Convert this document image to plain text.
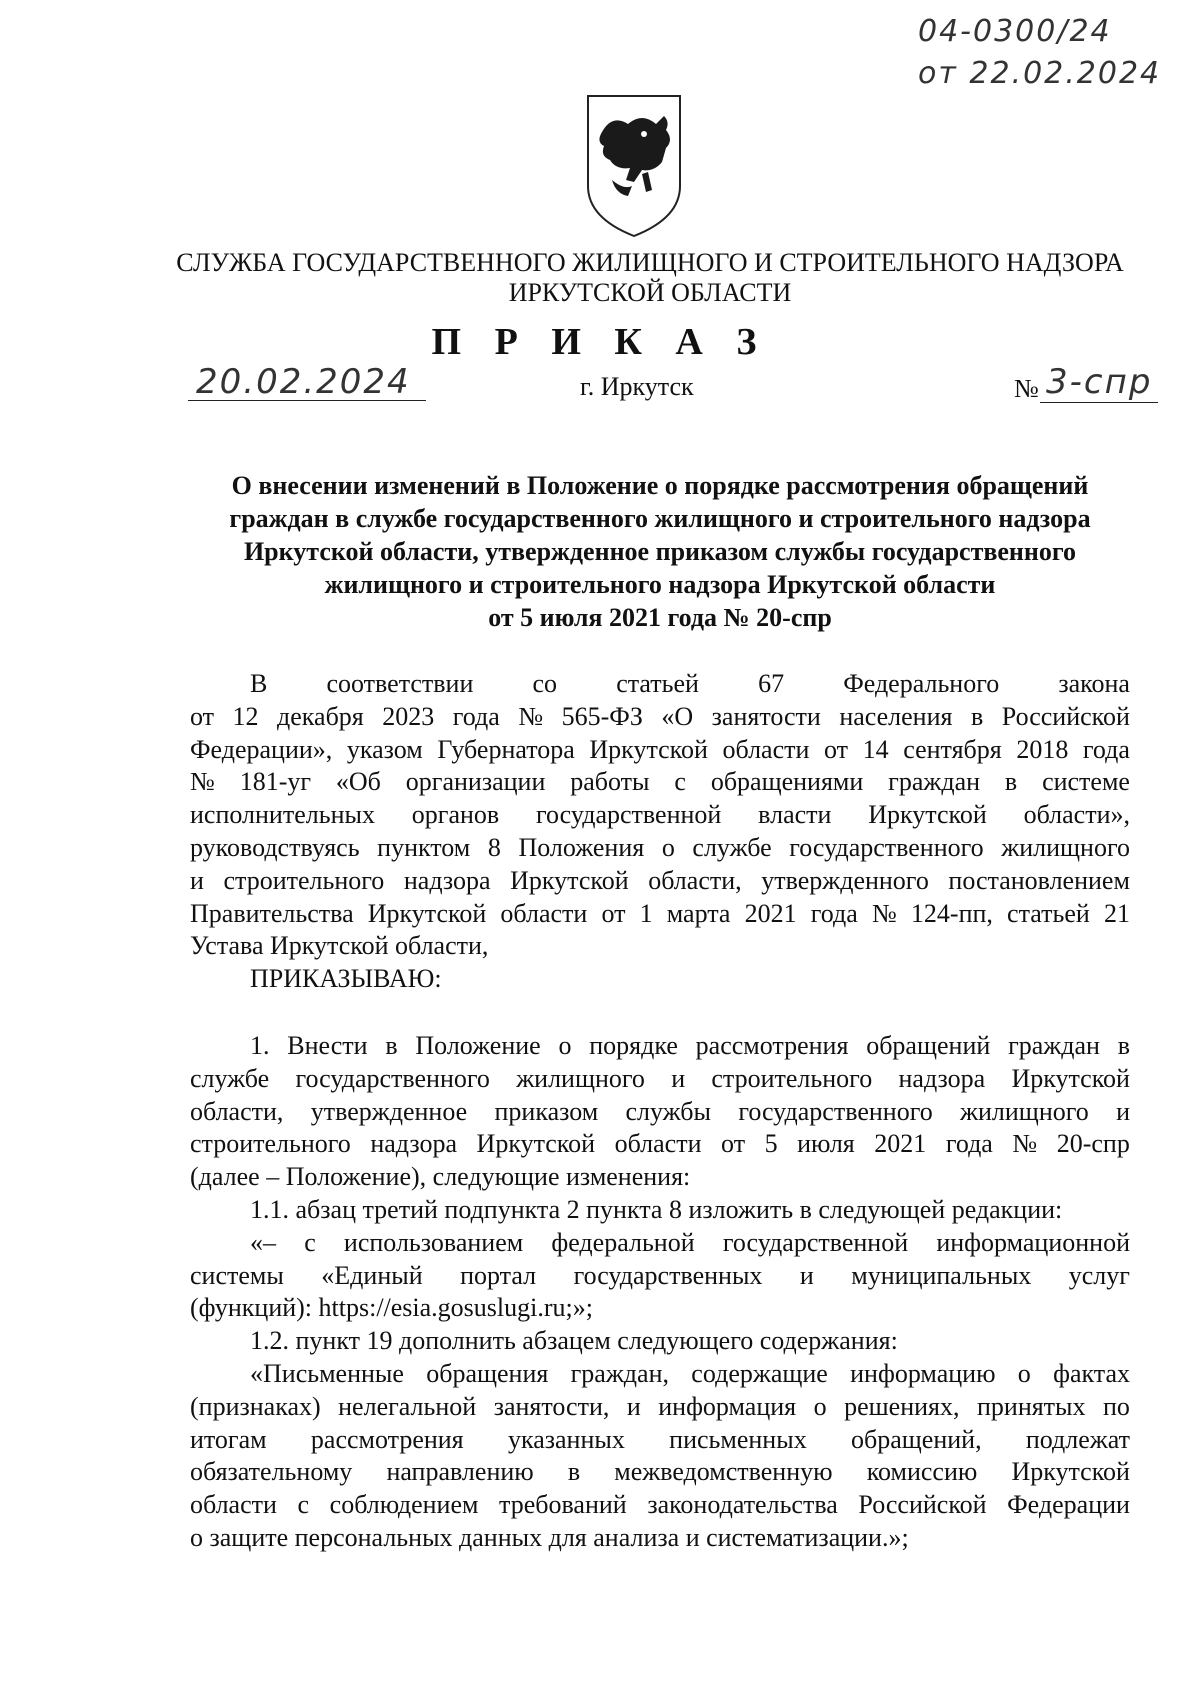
04-0300/24
от 22.02.2024
СЛУЖБА ГОСУДАРСТВЕННОГО ЖИЛИЩНОГО И СТРОИТЕЛЬНОГО НАДЗОРА
ИРКУТСКОЙ ОБЛАСТИ
П Р И К А З
20.02.2024	г. Иркутск	№ 3-спр
О внесении изменений в Положение о порядке рассмотрения обращений
граждан в службе государственного жилищного и строительного надзора
Иркутской области, утвержденное приказом службы государственного
жилищного и строительного надзора Иркутской области
от 5 июля 2021 года № 20-спр
В соответствии со статьей 67 Федерального закона
от 12 декабря 2023 года № 565-ФЗ «О занятости населения в Российской
Федерации», указом Губернатора Иркутской области от 14 сентября 2018 года
№ 181-уг «Об организации работы с обращениями граждан в системе
исполнительных органов государственной власти Иркутской области»,
руководствуясь пунктом 8 Положения о службе государственного жилищного
и строительного надзора Иркутской области, утвержденного постановлением
Правительства Иркутской области от 1 марта 2021 года № 124-пп, статьей 21
Устава Иркутской области,
ПРИКАЗЫВАЮ:
1. Внести в Положение о порядке рассмотрения обращений граждан в
службе государственного жилищного и строительного надзора Иркутской
области, утвержденное приказом службы государственного жилищного и
строительного надзора Иркутской области от 5 июля 2021 года № 20-спр
(далее – Положение), следующие изменения:
1.1. абзац третий подпункта 2 пункта 8 изложить в следующей редакции:
«– с использованием федеральной государственной информационной
системы «Единый портал государственных и муниципальных услуг
(функций): https://esia.gosuslugi.ru;»;
1.2. пункт 19 дополнить абзацем следующего содержания:
«Письменные обращения граждан, содержащие информацию о фактах
(признаках) нелегальной занятости, и информация о решениях, принятых по
итогам рассмотрения указанных письменных обращений, подлежат
обязательному направлению в межведомственную комиссию Иркутской
области с соблюдением требований законодательства Российской Федерации
о защите персональных данных для анализа и систематизации.»;
